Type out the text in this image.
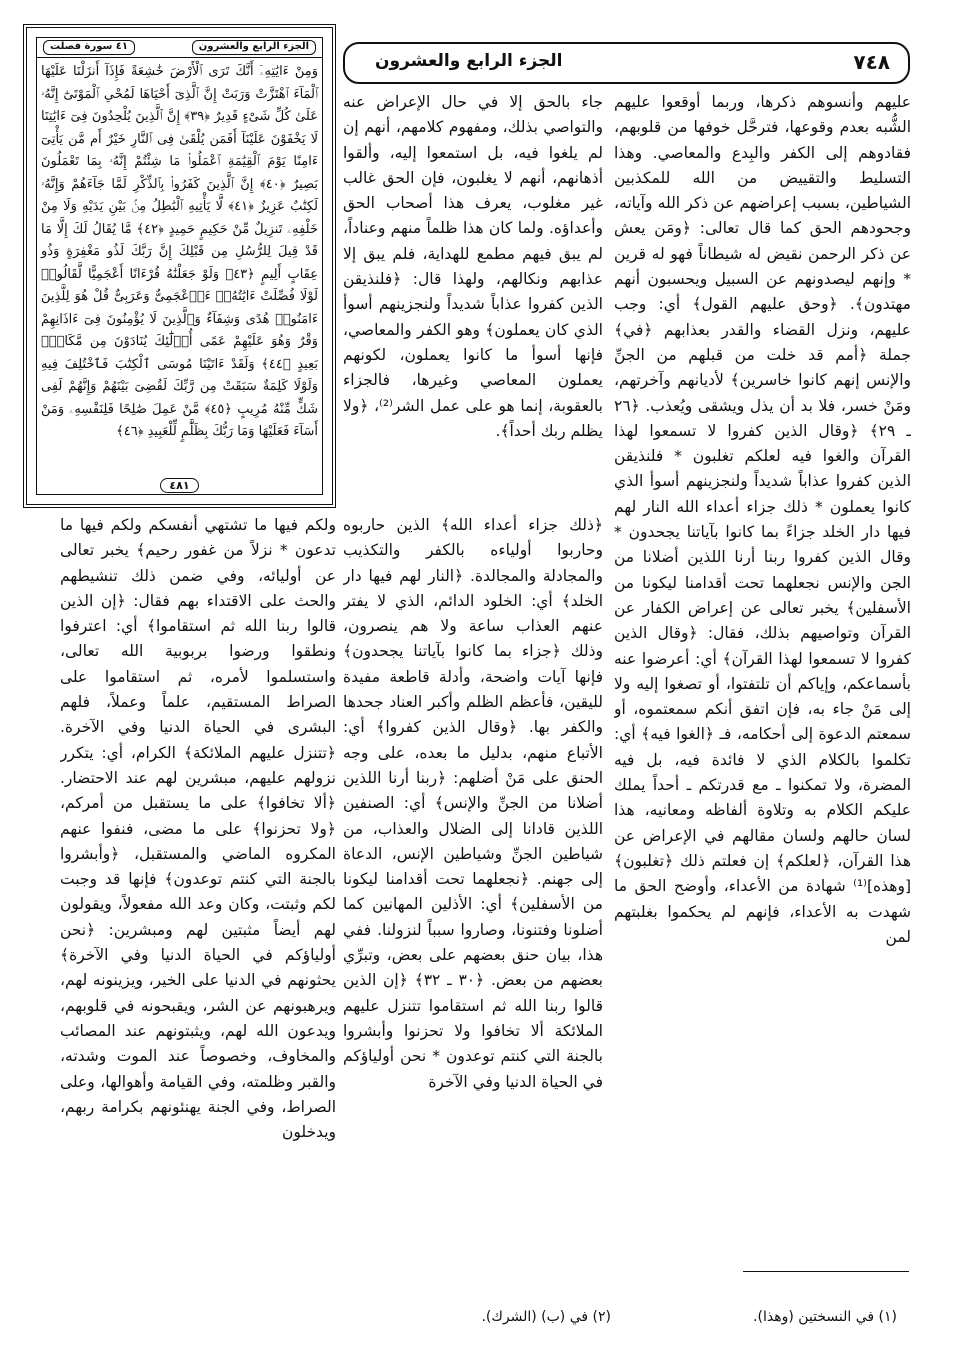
٧٤٨
الجزء الرابع والعشرون
الجزء الرابع والعشرون
٤١ سورة فصلت
وَمِنْ ءَايَٰتِهِۦٓ أَنَّكَ تَرَى ٱلْأَرْضَ خَٰشِعَةً فَإِذَآ أَنزَلْنَا عَلَيْهَا ٱلْمَآءَ ٱهْتَزَّتْ وَرَبَتْ إِنَّ ٱلَّذِىٓ أَحْيَاهَا لَمُحْىِ ٱلْمَوْتَىٰٓ إِنَّهُۥ عَلَىٰ كُلِّ شَىْءٍ قَدِيرٌ ﴿٣٩﴾ إِنَّ ٱلَّذِينَ يُلْحِدُونَ فِىٓ ءَايَٰتِنَا لَا يَخْفَوْنَ عَلَيْنَآ أَفَمَن يُلْقَىٰ فِى ٱلنَّارِ خَيْرٌ أَم مَّن يَأْتِىٓ ءَامِنًا يَوْمَ ٱلْقِيَٰمَةِ ٱعْمَلُوا۟ مَا شِئْتُمْ إِنَّهُۥ بِمَا تَعْمَلُونَ بَصِيرٌ ﴿٤٠﴾ إِنَّ ٱلَّذِينَ كَفَرُوا۟ بِٱلذِّكْرِ لَمَّا جَآءَهُمْ وَإِنَّهُۥ لَكِتَٰبٌ عَزِيزٌ ﴿٤١﴾ لَّا يَأْتِيهِ ٱلْبَٰطِلُ مِنۢ بَيْنِ يَدَيْهِ وَلَا مِنْ خَلْفِهِۦ تَنزِيلٌ مِّنْ حَكِيمٍ حَمِيدٍ ﴿٤٢﴾ مَّا يُقَالُ لَكَ إِلَّا مَا قَدْ قِيلَ لِلرُّسُلِ مِن قَبْلِكَ إِنَّ رَبَّكَ لَذُو مَغْفِرَةٍ وَذُو عِقَابٍ أَلِيمٍ ﴿٤٣﴾ وَلَوْ جَعَلْنَٰهُ قُرْءَانًا أَعْجَمِيًّا لَّقَالُوا۟ لَوْلَا فُصِّلَتْ ءَايَٰتُهُۥٓ ءَا۬عْجَمِىٌّ وَعَرَبِىٌّ قُلْ هُوَ لِلَّذِينَ ءَامَنُوا۟ هُدًى وَشِفَآءٌ وَٱلَّذِينَ لَا يُؤْمِنُونَ فِىٓ ءَاذَانِهِمْ وَقْرٌ وَهُوَ عَلَيْهِمْ عَمًى أُو۟لَٰٓئِكَ يُنَادَوْنَ مِن مَّكَانٍۭ بَعِيدٍ ﴿٤٤﴾ وَلَقَدْ ءَاتَيْنَا مُوسَى ٱلْكِتَٰبَ فَٱخْتُلِفَ فِيهِ وَلَوْلَا كَلِمَةٌ سَبَقَتْ مِن رَّبِّكَ لَقُضِىَ بَيْنَهُمْ وَإِنَّهُمْ لَفِى شَكٍّ مِّنْهُ مُرِيبٍ ﴿٤٥﴾ مَّنْ عَمِلَ صَٰلِحًا فَلِنَفْسِهِۦ وَمَنْ أَسَآءَ فَعَلَيْهَا وَمَا رَبُّكَ بِظَلَّٰمٍ لِّلْعَبِيدِ ﴿٤٦﴾
٤٨١

عليهم وأنسوهم ذكرها، وربما أوقعوا عليهم الشُّبه بعدم وقوعها، فترحَّل خوفها من قلوبهم، فقادوهم إلى الكفر والبِدع والمعاصي. وهذا التسليط والتقييض من الله للمكذبين الشياطين، بسبب إعراضهم عن ذكر الله وآياته، وجحودهم الحق كما قال تعالى: ﴿ومَن يعش عن ذكر الرحمن نقيض له شيطاناً فهو له قرين * وإنهم ليصدونهم عن السبيل ويحسبون أنهم مهتدون﴾. ﴿وحق عليهم القول﴾ أي: وجب عليهم، ونزل القضاء والقدر بعذابهم ﴿في﴾ جملة ﴿أمم قد خلت من قبلهم من الجنِّ والإنس إنهم كانوا خاسرين﴾ لأديانهم وآخرتهم، ومَنْ خسر، فلا بد أن يذل ويشقى ويُعذب. ﴿٢٦ ـ ٢٩﴾ ﴿وقال الذين كفروا لا تسمعوا لهذا القرآن والغوا فيه لعلكم تغلبون * فلنذيقن الذين كفروا عذاباً شديداً ولنجزينهم أسوأ الذي كانوا يعملون * ذلك جزاء أعداء الله النار لهم فيها دار الخلد جزاءً بما كانوا بآياتنا يجحدون * وقال الذين كفروا ربنا أرنا اللذين أضلانا من الجن والإنس نجعلهما تحت أقدامنا ليكونا من الأسفلين﴾ يخبر تعالى عن إعراض الكفار عن القرآن وتواصيهم بذلك، فقال: ﴿وقال الذين كفروا لا تسمعوا لهذا القرآن﴾ أي: أعرضوا عنه بأسماعكم، وإياكم أن تلتفتوا، أو تصغوا إليه ولا إلى مَنْ جاء به، فإن اتفق أنكم سمعتموه، أو سمعتم الدعوة إلى أحكامه، فـ ﴿الغوا فيه﴾ أي: تكلموا بالكلام الذي لا فائدة فيه، بل فيه المضرة، ولا تمكنوا ـ مع قدرتكم ـ أحداً يملك عليكم الكلام به وتلاوة ألفاظه ومعانيه، هذا لسان حالهم ولسان مقالهم في الإعراض عن هذا القرآن، ﴿لعلكم﴾ إن فعلتم ذلك ﴿تغلبون﴾ [وهذه]⁽¹⁾ شهادة من الأعداء، وأوضح الحق ما شهدت به الأعداء، فإنهم لم يحكموا بغلبتهم لمن

جاء بالحق إلا في حال الإعراض عنه والتواصي بذلك، ومفهوم كلامهم، أنهم إن لم يلغوا فيه، بل استمعوا إليه، وألقوا أذهانهم، أنهم لا يغلبون، فإن الحق غالب غير مغلوب، يعرف هذا أصحاب الحق وأعداؤه. ولما كان هذا ظلماً منهم وعناداً، لم يبق فيهم مطمع للهداية، فلم يبق إلا عذابهم ونكالهم، ولهذا قال: ﴿فلنذيقن الذين كفروا عذاباً شديداً ولنجزينهم أسوأ الذي كان يعملون﴾ وهو الكفر والمعاصي، فإنها أسوأ ما كانوا يعملون، لكونهم يعملون المعاصي وغيرها، فالجزاء بالعقوبة، إنما هو على عمل الشر⁽²⁾، ﴿ولا يظلم ربك أحداً﴾.

﴿ذلك جزاء أعداء الله﴾ الذين حاربوه وحاربوا أولياءه بالكفر والتكذيب والمجادلة والمجالدة. ﴿النار لهم فيها دار الخلد﴾ أي: الخلود الدائم، الذي لا يفتر عنهم العذاب ساعة ولا هم ينصرون، وذلك ﴿جزاء بما كانوا بآياتنا يجحدون﴾ فإنها آيات واضحة، وأدلة قاطعة مفيدة لليقين، فأعظم الظلم وأكبر العناد جحدها والكفر بها. ﴿وقال الذين كفروا﴾ أي: الأتباع منهم، بدليل ما بعده، على وجه الحنق على مَنْ أضلهم: ﴿ربنا أرنا اللذين أضلانا من الجنِّ والإنس﴾ أي: الصنفين اللذين قادانا إلى الضلال والعذاب، من شياطين الجنِّ وشياطين الإنس، الدعاة إلى جهنم. ﴿نجعلهما تحت أقدامنا ليكونا من الأسفلين﴾ أي: الأذلين المهانين كما أضلونا وفتنونا، وصاروا سبباً لنزولنا. ففي هذا، بيان حنق بعضهم على بعض، وتبرِّي بعضهم من بعض. ﴿٣٠ ـ ٣٢﴾ ﴿إن الذين قالوا ربنا الله ثم استقاموا تتنزل عليهم الملائكة ألا تخافوا ولا تحزنوا وأبشروا بالجنة التي كنتم توعدون * نحن أولياؤكم في الحياة الدنيا وفي الآخرة

ولكم فيها ما تشتهي أنفسكم ولكم فيها ما تدعون * نزلاً من غفور رحيم﴾ يخبر تعالى عن أوليائه، وفي ضمن ذلك تنشيطهم والحث على الاقتداء بهم فقال: ﴿إن الذين قالوا ربنا الله ثم استقاموا﴾ أي: اعترفوا ونطقوا ورضوا بربوبية الله تعالى، واستسلموا لأمره، ثم استقاموا على الصراط المستقيم، علماً وعملاً، فلهم البشرى في الحياة الدنيا وفي الآخرة. ﴿تتنزل عليهم الملائكة﴾ الكرام، أي: يتكرر نزولهم عليهم، مبشرين لهم عند الاحتضار. ﴿ألا تخافوا﴾ على ما يستقبل من أمركم، ﴿ولا تحزنوا﴾ على ما مضى، فنفوا عنهم المكروه الماضي والمستقبل، ﴿وأبشروا بالجنة التي كنتم توعدون﴾ فإنها قد وجبت لكم وثبتت، وكان وعد الله مفعولاً، ويقولون لهم أيضاً مثبتين لهم ومبشرين: ﴿نحن أولياؤكم في الحياة الدنيا وفي الآخرة﴾ يحثونهم في الدنيا على الخير، ويزينونه لهم، ويرهبونهم عن الشر، ويقبحونه في قلوبهم، ويدعون الله لهم، ويثبتونهم عند المصائب والمخاوف، وخصوصاً عند الموت وشدته، والقبر وظلمته، وفي القيامة وأهوالها، وعلى الصراط، وفي الجنة يهنئونهم بكرامة ربهم، ويدخلون

(١) في النسختين (وهذا).
(٢) في (ب) (الشرك).
